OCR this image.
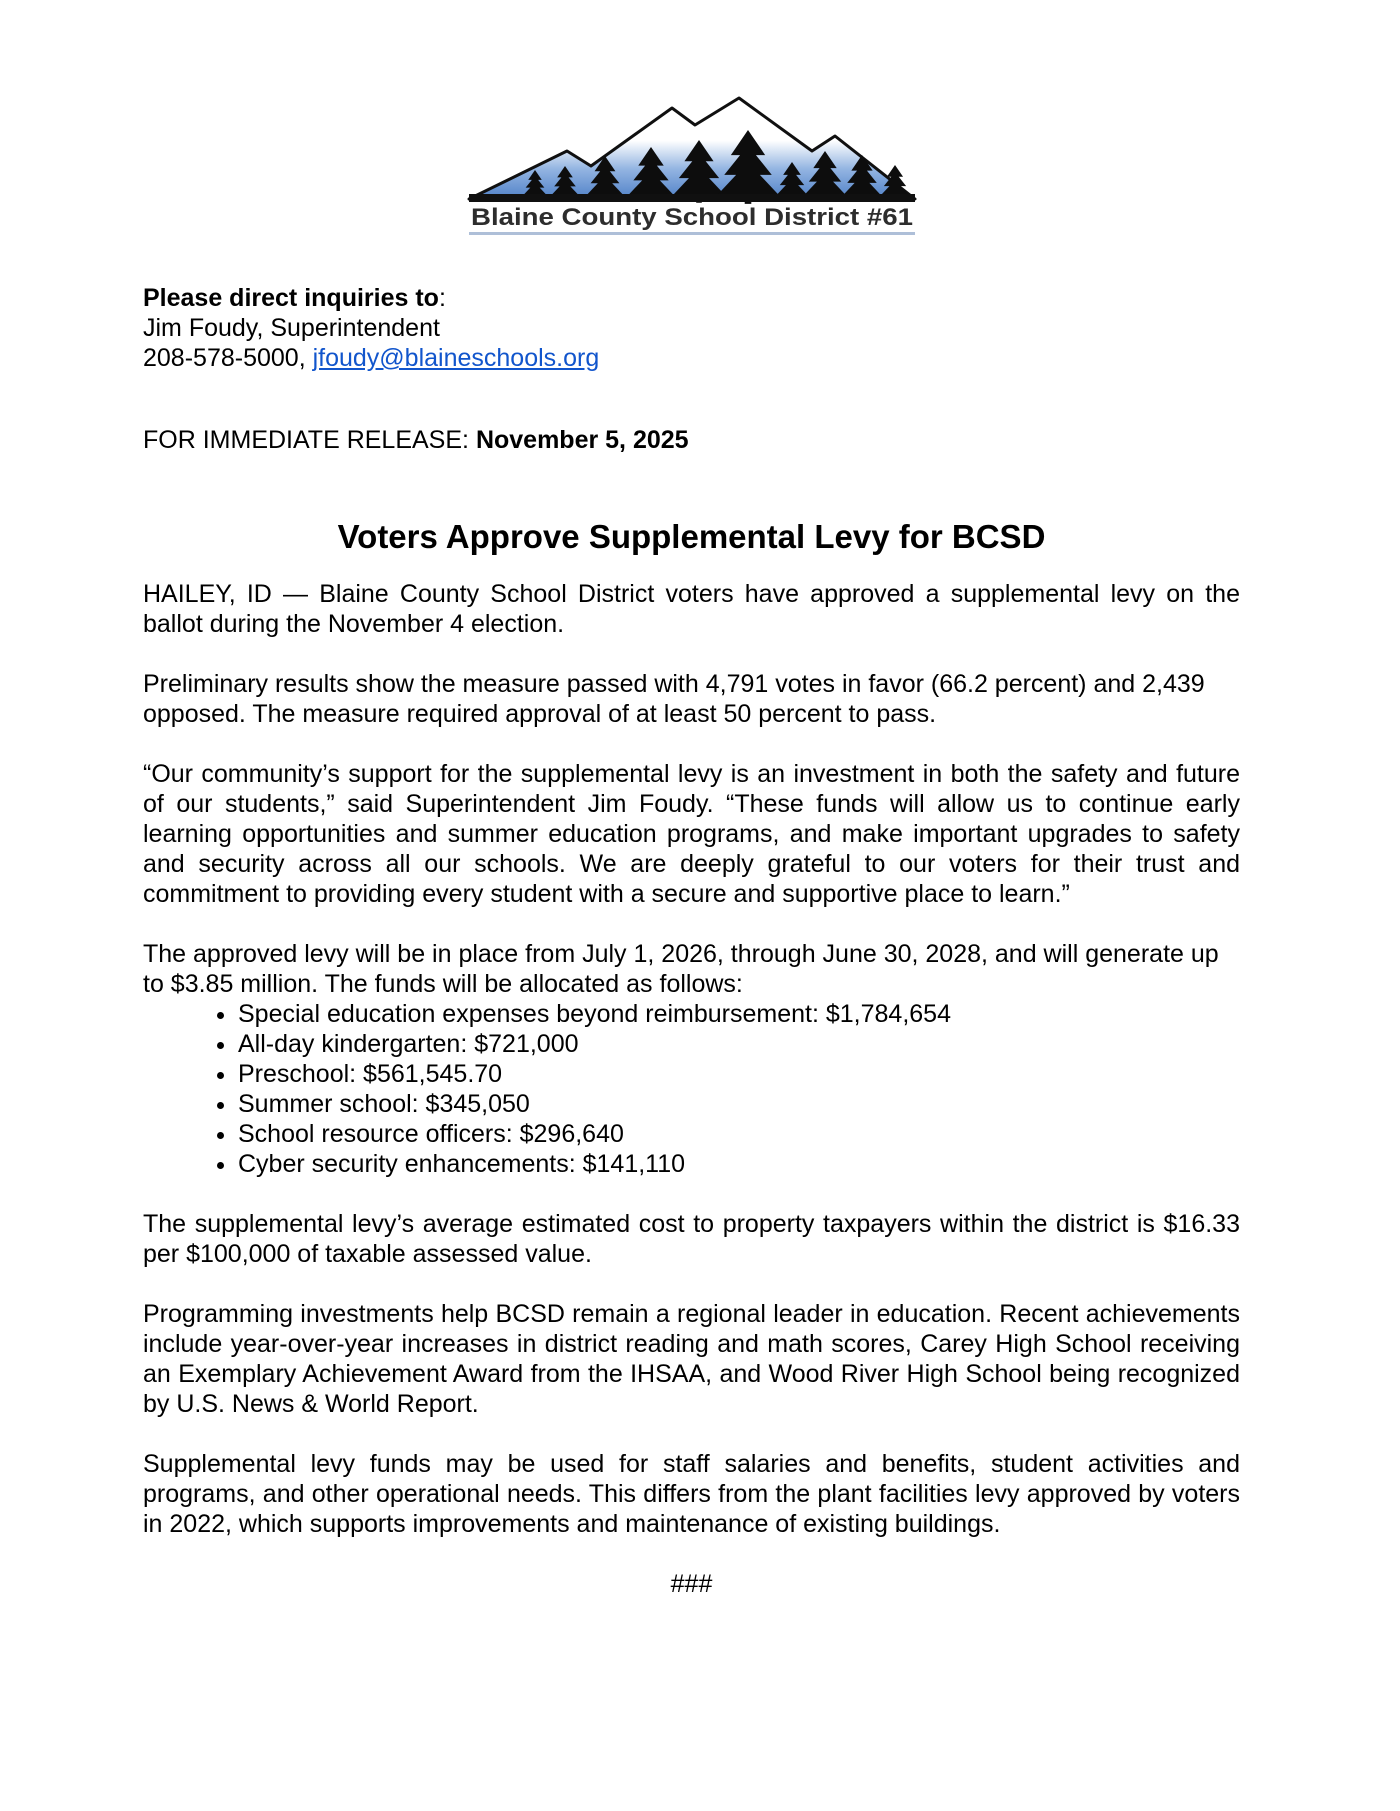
Blaine County School District #61

Please direct inquiries to:

Jim Foudy, Superintendent

208-578-5000, jfoudy@blaineschools.org

FOR IMMEDIATE RELEASE: November 5, 2025

Voters Approve Supplemental Levy for BCSD

HAILEY, ID — Blaine County School District voters have approved a supplemental levy on the ballot during the November 4 election.

Preliminary results show the measure passed with 4,791 votes in favor (66.2 percent) and 2,439 opposed. The measure required approval of at least 50 percent to pass.

“Our community’s support for the supplemental levy is an investment in both the safety and future of our students,” said Superintendent Jim Foudy. “These funds will allow us to continue early learning opportunities and summer education programs, and make important upgrades to safety and security across all our schools. We are deeply grateful to our voters for their trust and commitment to providing every student with a secure and supportive place to learn.”

The approved levy will be in place from July 1, 2026, through June 30, 2028, and will generate up to $3.85 million. The funds will be allocated as follows:

• Special education expenses beyond reimbursement: $1,784,654
• All-day kindergarten: $721,000
• Preschool: $561,545.70
• Summer school: $345,050
• School resource officers: $296,640
• Cyber security enhancements: $141,110

The supplemental levy’s average estimated cost to property taxpayers within the district is $16.33 per $100,000 of taxable assessed value.

Programming investments help BCSD remain a regional leader in education. Recent achievements include year-over-year increases in district reading and math scores, Carey High School receiving an Exemplary Achievement Award from the IHSAA, and Wood River High School being recognized by U.S. News & World Report.

Supplemental levy funds may be used for staff salaries and benefits, student activities and programs, and other operational needs. This differs from the plant facilities levy approved by voters in 2022, which supports improvements and maintenance of existing buildings.

###
